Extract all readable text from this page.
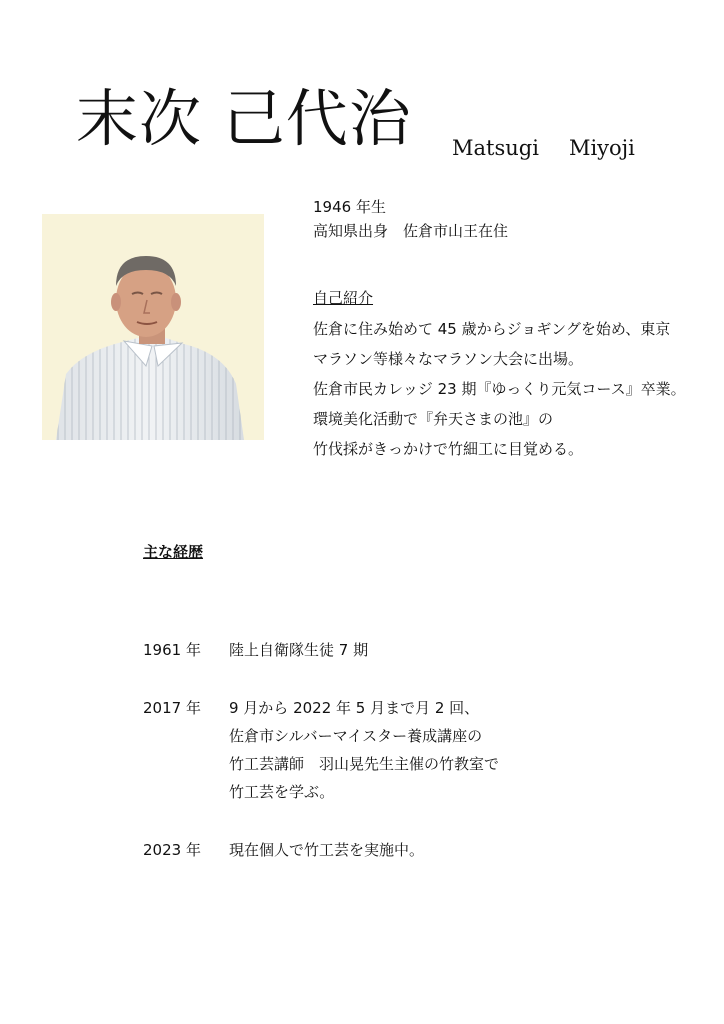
末次 己代治 Matsugi Miyoji
1946 年生
高知県出身　佐倉市山王在住
自己紹介
佐倉に住み始めて 45 歳からジョギングを始め、東京
マラソン等様々なマラソン大会に出場。
佐倉市民カレッジ 23 期『ゆっくり元気コース』卒業。
環境美化活動で『弁天さまの池』の
竹伐採がきっかけで竹細工に目覚める。
主な経歴
1961 年	陸上自衛隊生徒 7 期
2017 年	9 月から 2022 年 5 月まで月 2 回、
佐倉市シルバーマイスター養成講座の
竹工芸講師　羽山晃先生主催の竹教室で
竹工芸を学ぶ。
2023 年	現在個人で竹工芸を実施中。
